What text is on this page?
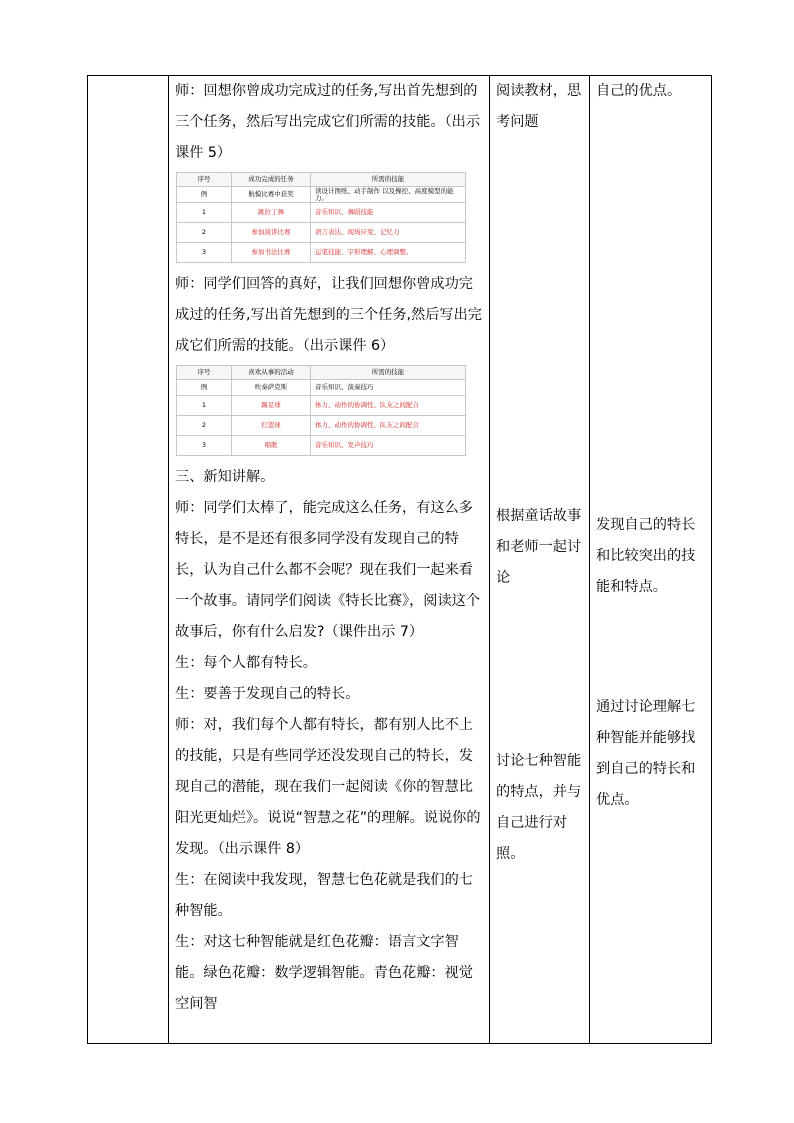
师：回想你曾成功完成过的任务,写出首先想到的三个任务，然后写出完成它们所需的技能。（出示课件 5）

序号	成功完成的任务	所需的技能
例	航模比赛中获奖	读设计图纸、动手制作 以及操控、高度模型的能力。
1	跳拉丁舞	音乐知识、舞蹈技能
2	参加演讲比赛	语言表达、现场应变、记忆力
3	参加书法比赛	运笔技能、字形理解、心理调整。

师：同学们回答的真好，让我们回想你曾成功完成过的任务,写出首先想到的三个任务,然后写出完成它们所需的技能。（出示课件 6）

序号	喜欢从事的活动	所需的技能
例	吹奏萨克斯	音乐知识、演奏技巧
1	踢足球	体力、动作的协调性、队友之间配合
2	打篮球	体力、动作的协调性、队友之间配合
3	唱歌	音乐知识、发声技巧

三、新知讲解。

师：同学们太棒了，能完成这么任务，有这么多特长，是不是还有很多同学没有发现自己的特长，认为自己什么都不会呢？现在我们一起来看一个故事。请同学们阅读《特长比赛》，阅读这个故事后，你有什么启发?（课件出示 7）

生：每个人都有特长。

生：要善于发现自己的特长。

师：对，我们每个人都有特长，都有别人比不上的技能，只是有些同学还没发现自己的特长，发现自己的潜能，现在我们一起阅读《你的智慧比阳光更灿烂》。说说“智慧之花”的理解。说说你的发现。（出示课件 8）

生：在阅读中我发现，智慧七色花就是我们的七种智能。

生：对这七种智能就是红色花瓣：语言文字智能。绿色花瓣：数学逻辑智能。青色花瓣：视觉空间智

阅读教材，思考问题

根据童话故事和老师一起讨论

讨论七种智能的特点，并与自己进行对照。

自己的优点。

发现自己的特长和比较突出的技能和特点。

通过讨论理解七种智能并能够找到自己的特长和优点。
